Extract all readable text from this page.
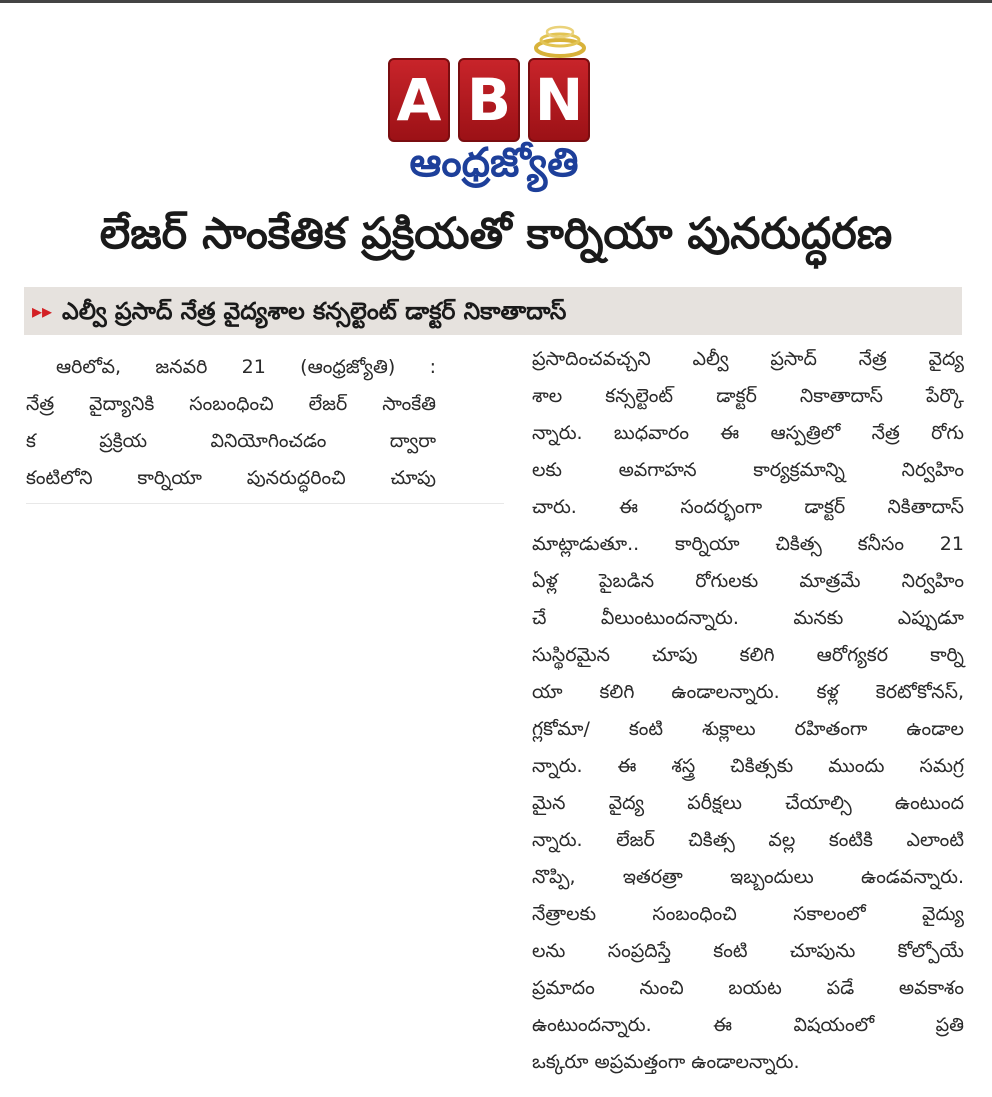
A B N
ఆంధ్రజ్యోతి
లేజర్ సాంకేతిక ప్రక్రియతో కార్నియా పునరుద్ధరణ
▸▸ ఎల్వీ ప్రసాద్ నేత్ర వైద్యశాల కన్సల్టెంట్ డాక్టర్ నికాతాదాస్
ఆరిలోవ, జనవరి 21 (ఆంధ్రజ్యోతి) :
నేత్ర వైద్యానికి సంబంధించి లేజర్ సాంకేతి
క ప్రక్రియ వినియోగించడం ద్వారా
కంటిలోని కార్నియా పునరుద్ధరించి చూపు
ప్రసాదించవచ్చని ఎల్వీ ప్రసాద్ నేత్ర వైద్య
శాల కన్సల్టెంట్ డాక్టర్ నికాతాదాస్ పేర్కొ
న్నారు. బుధవారం ఈ ఆస్పత్రిలో నేత్ర రోగు
లకు అవగాహన కార్యక్రమాన్ని నిర్వహిం
చారు. ఈ సందర్భంగా డాక్టర్ నికితాదాస్
మాట్లాడుతూ.. కార్నియా చికిత్స కనీసం 21
ఏళ్ల పైబడిన రోగులకు మాత్రమే నిర్వహిం
చే వీలుంటుందన్నారు. మనకు ఎప్పుడూ
సుస్థిరమైన చూపు కలిగి ఆరోగ్యకర కార్ని
యా కలిగి ఉండాలన్నారు. కళ్ల కెరటోకోనస్,
గ్లకోమా/ కంటి శుక్లాలు రహితంగా ఉండాల
న్నారు. ఈ శస్త్ర చికిత్సకు ముందు సమగ్ర
మైన వైద్య పరీక్షలు చేయాల్సి ఉంటుంద
న్నారు. లేజర్ చికిత్స వల్ల కంటికి ఎలాంటి
నొప్పి, ఇతరత్రా ఇబ్బందులు ఉండవన్నారు.
నేత్రాలకు సంబంధించి సకాలంలో వైద్యు
లను సంప్రదిస్తే కంటి చూపును కోల్పోయే
ప్రమాదం నుంచి బయట పడే అవకాశం
ఉంటుందన్నారు. ఈ విషయంలో ప్రతి
ఒక్కరూ అప్రమత్తంగా ఉండాలన్నారు.
